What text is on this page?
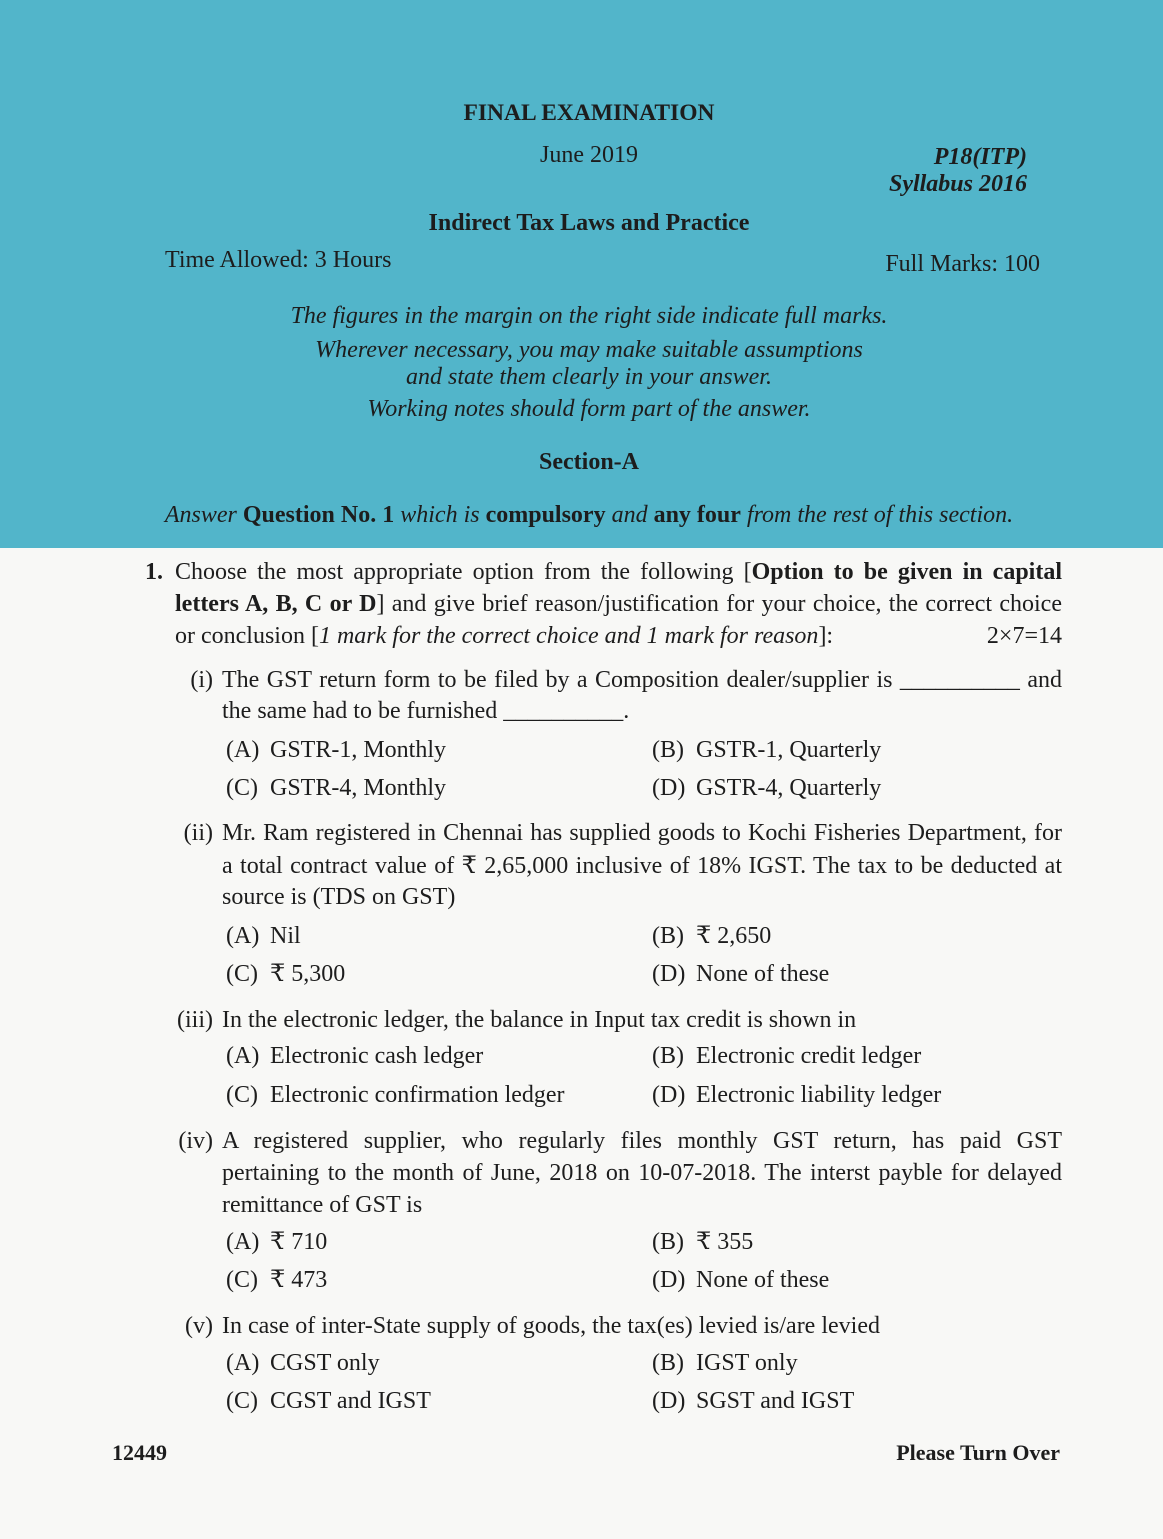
FINAL EXAMINATION
June 2019	P18(ITP)
Syllabus 2016
Indirect Tax Laws and Practice
Time Allowed: 3 Hours	Full Marks: 100
The figures in the margin on the right side indicate full marks.
Wherever necessary, you may make suitable assumptions
and state them clearly in your answer.
Working notes should form part of the answer.
Section-A
Answer Question No. 1 which is compulsory and any four from the rest of this section.
1. Choose the most appropriate option from the following [Option to be given in capital
letters A, B, C or D] and give brief reason/justification for your choice, the correct choice
or conclusion [1 mark for the correct choice and 1 mark for reason]:	2×7=14
(i) The GST return form to be filed by a Composition dealer/supplier is __________ and
the same had to be furnished __________.
(A) GSTR-1, Monthly	(B) GSTR-1, Quarterly
(C) GSTR-4, Monthly	(D) GSTR-4, Quarterly
(ii) Mr. Ram registered in Chennai has supplied goods to Kochi Fisheries Department, for
a total contract value of ₹ 2,65,000 inclusive of 18% IGST. The tax to be deducted at
source is (TDS on GST)
(A) Nil	(B) ₹ 2,650
(C) ₹ 5,300	(D) None of these
(iii) In the electronic ledger, the balance in Input tax credit is shown in
(A) Electronic cash ledger	(B) Electronic credit ledger
(C) Electronic confirmation ledger	(D) Electronic liability ledger
(iv) A registered supplier, who regularly files monthly GST return, has paid GST
pertaining to the month of June, 2018 on 10-07-2018. The interst payble for delayed
remittance of GST is
(A) ₹ 710	(B) ₹ 355
(C) ₹ 473	(D) None of these
(v) In case of inter-State supply of goods, the tax(es) levied is/are levied
(A) CGST only	(B) IGST only
(C) CGST and IGST	(D) SGST and IGST
12449	Please Turn Over
